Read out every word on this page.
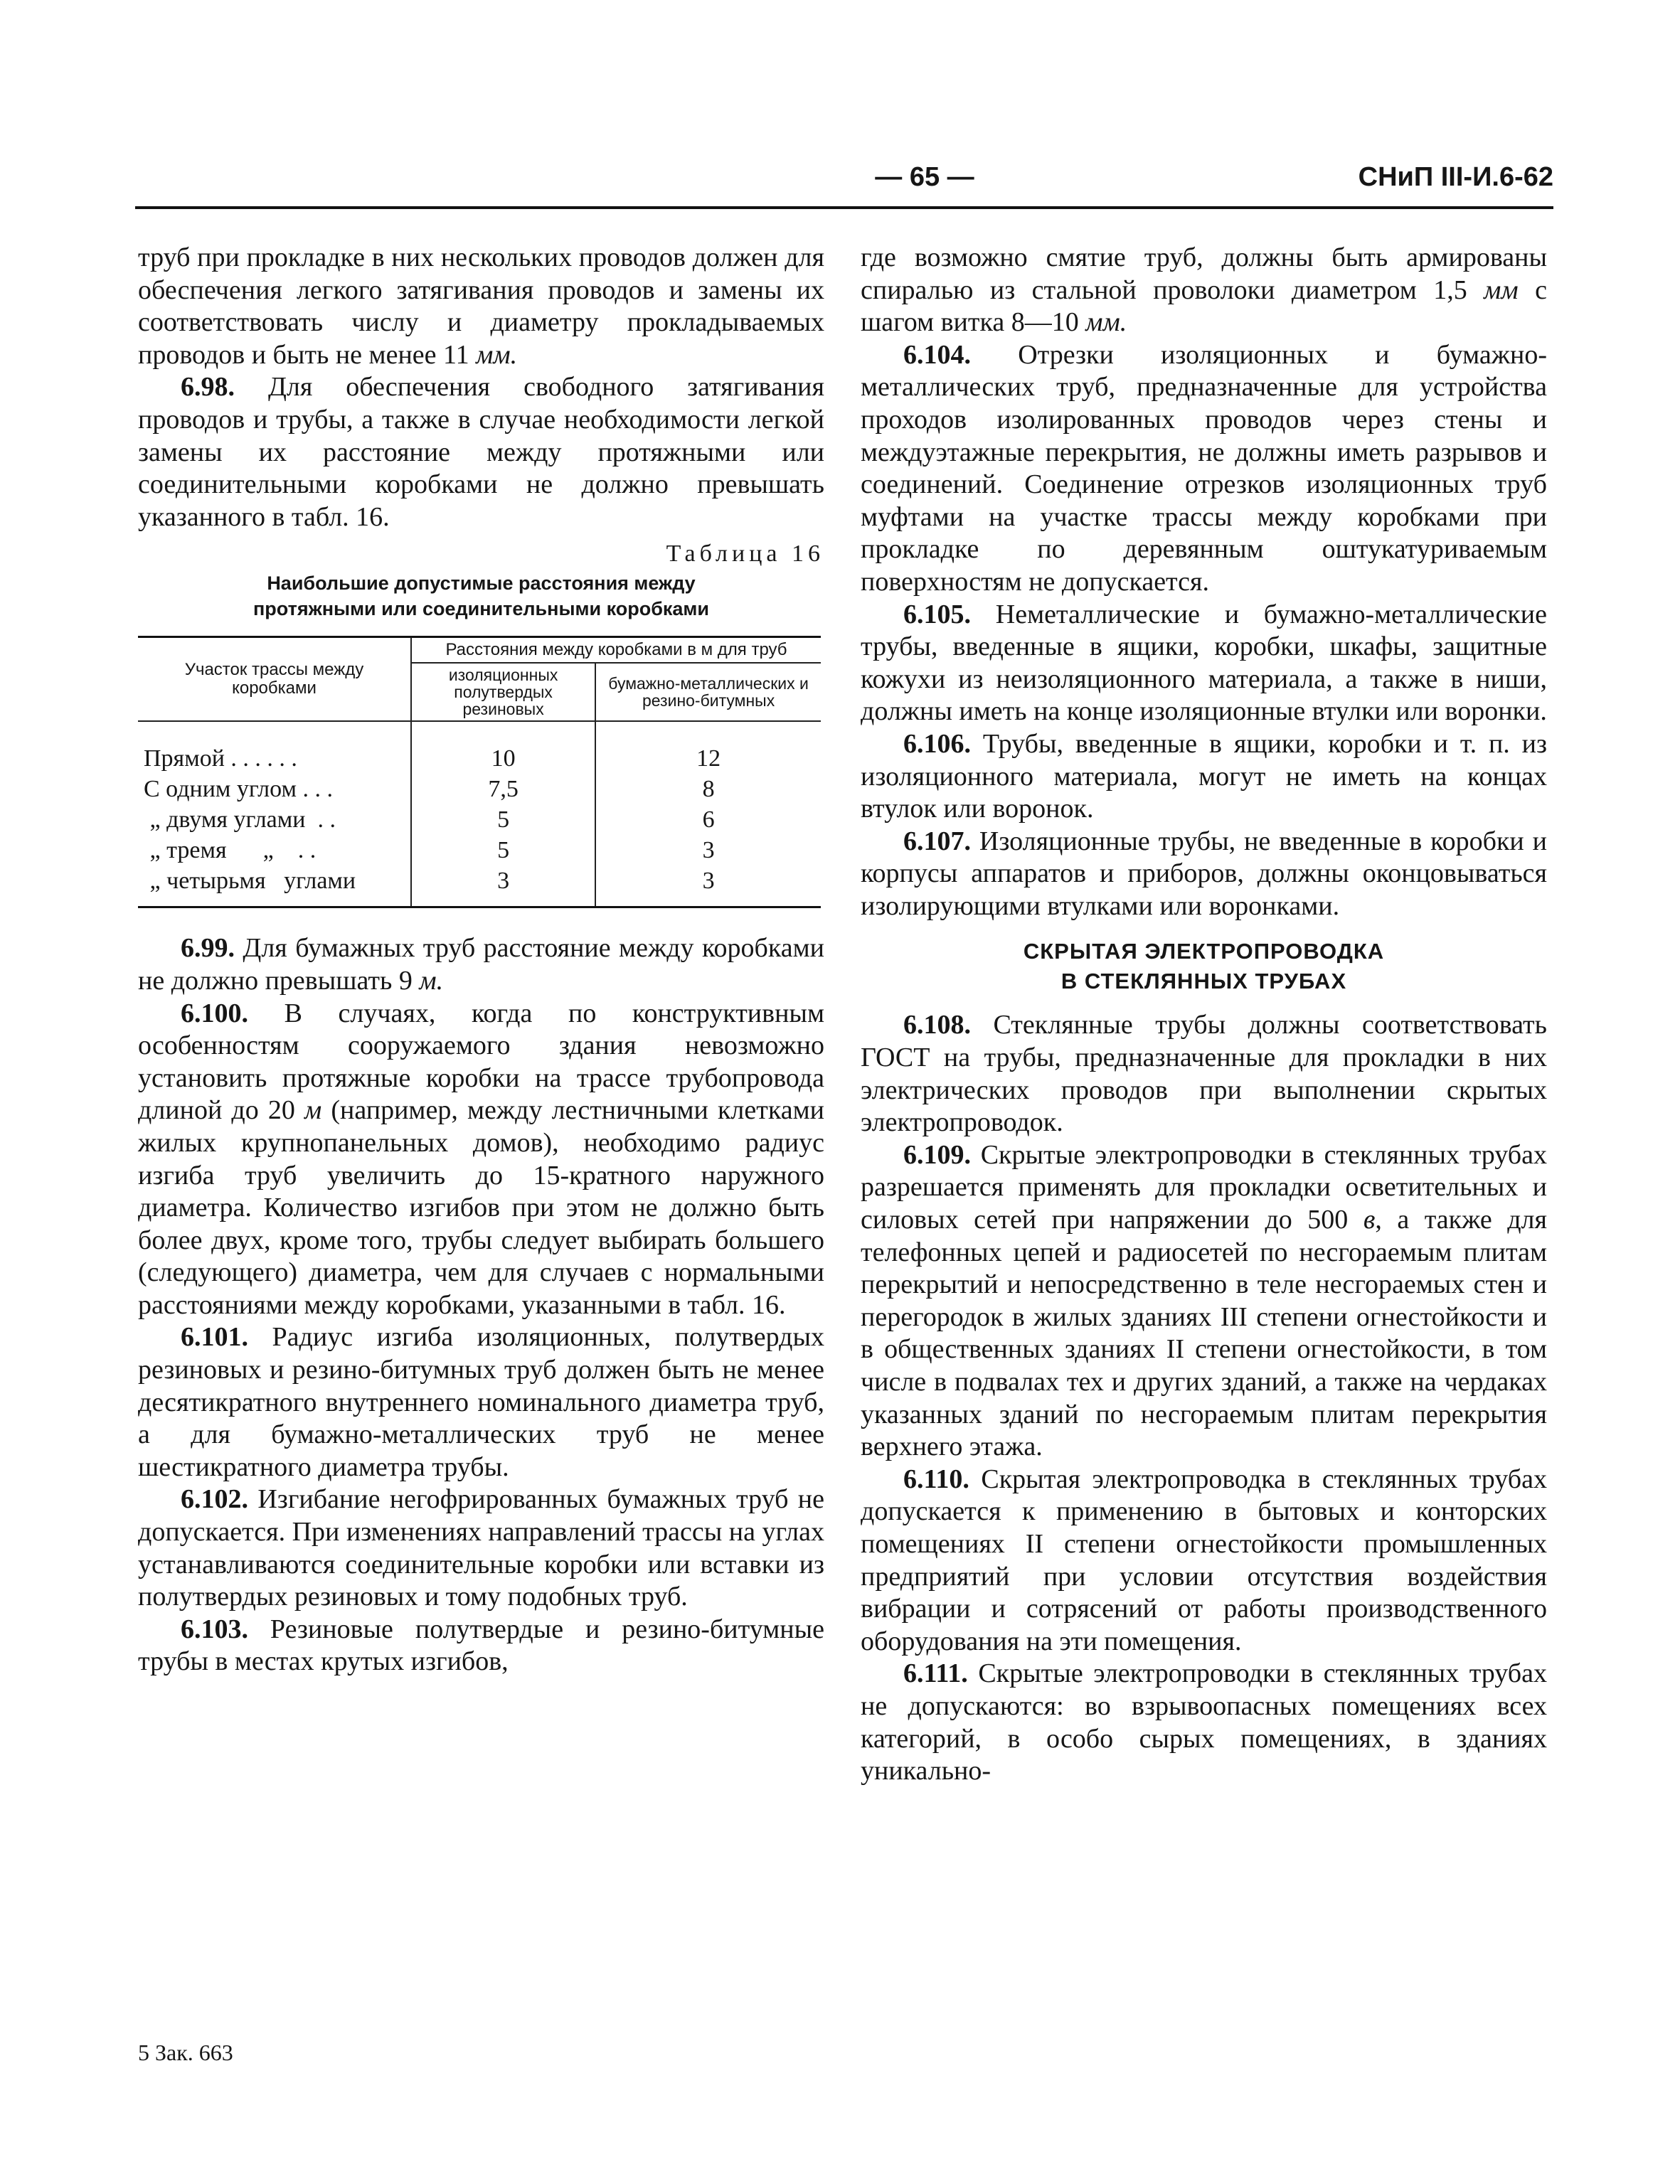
— 65 —	СНиП III-И.6-62

труб при прокладке в них нескольких проводов должен для обеспечения легкого затягивания проводов и замены их соответствовать числу и диаметру прокладываемых проводов и быть не менее 11 мм.

6.98. Для обеспечения свободного затягивания проводов и трубы, а также в случае необходимости легкой замены их расстояние между протяжными или соединительными коробками не должно превышать указанного в табл. 16.

Таблица 16
Наибольшие допустимые расстояния между
протяжными или соединительными коробками
Участок трассы между коробками	Расстояния между коробками в м для труб	
	изоляционных полутвердых резиновых	бумажно-металлических и резино-битумных
Прямой . . . . . .	10	12
С одним углом . . .	7,5	8
„ двумя углами  . .	5	6
„ тремя      „    . .	5	3
„ четырьмя   углами	3	3

6.99. Для бумажных труб расстояние между коробками не должно превышать 9 м.

6.100. В случаях, когда по конструктивным особенностям сооружаемого здания невозможно установить протяжные коробки на трассе трубопровода длиной до 20 м (например, между лестничными клетками жилых крупнопанельных домов), необходимо радиус изгиба труб увеличить до 15-кратного наружного диаметра. Количество изгибов при этом не должно быть более двух, кроме того, трубы следует выбирать большего (следующего) диаметра, чем для случаев с нормальными расстояниями между коробками, указанными в табл. 16.

6.101. Радиус изгиба изоляционных, полутвердых резиновых и резино-битумных труб должен быть не менее десятикратного внутреннего номинального диаметра труб, а для бумажно-металлических труб не менее шестикратного диаметра трубы.

6.102. Изгибание негофрированных бумажных труб не допускается. При изменениях направлений трассы на углах устанавливаются соединительные коробки или вставки из полутвердых резиновых и тому подобных труб.

6.103. Резиновые полутвердые и резино-битумные трубы в местах крутых изгибов,

где возможно смятие труб, должны быть армированы спиралью из стальной проволоки диаметром 1,5 мм с шагом витка 8—10 мм.

6.104. Отрезки изоляционных и бумажно-металлических труб, предназначенные для устройства проходов изолированных проводов через стены и междуэтажные перекрытия, не должны иметь разрывов и соединений. Соединение отрезков изоляционных труб муфтами на участке трассы между коробками при прокладке по деревянным оштукатуриваемым поверхностям не допускается.

6.105. Неметаллические и бумажно-металлические трубы, введенные в ящики, коробки, шкафы, защитные кожухи из неизоляционного материала, а также в ниши, должны иметь на конце изоляционные втулки или воронки.

6.106. Трубы, введенные в ящики, коробки и т. п. из изоляционного материала, могут не иметь на концах втулок или воронок.

6.107. Изоляционные трубы, не введенные в коробки и корпусы аппаратов и приборов, должны оконцовываться изолирующими втулками или воронками.

СКРЫТАЯ ЭЛЕКТРОПРОВОДКА
В СТЕКЛЯННЫХ ТРУБАХ

6.108. Стеклянные трубы должны соответствовать ГОСТ на трубы, предназначенные для прокладки в них электрических проводов при выполнении скрытых электропроводок.

6.109. Скрытые электропроводки в стеклянных трубах разрешается применять для прокладки осветительных и силовых сетей при напряжении до 500 в, а также для телефонных цепей и радиосетей по несгораемым плитам перекрытий и непосредственно в теле несгораемых стен и перегородок в жилых зданиях III степени огнестойкости и в общественных зданиях II степени огнестойкости, в том числе в подвалах тех и других зданий, а также на чердаках указанных зданий по несгораемым плитам перекрытия верхнего этажа.

6.110. Скрытая электропроводка в стеклянных трубах допускается к применению в бытовых и конторских помещениях II степени огнестойкости промышленных предприятий при условии отсутствия воздействия вибрации и сотрясений от работы производственного оборудования на эти помещения.

6.111. Скрытые электропроводки в стеклянных трубах не допускаются: во взрывоопасных помещениях всех категорий, в особо сырых помещениях, в зданиях уникально-

5 Зак. 663
